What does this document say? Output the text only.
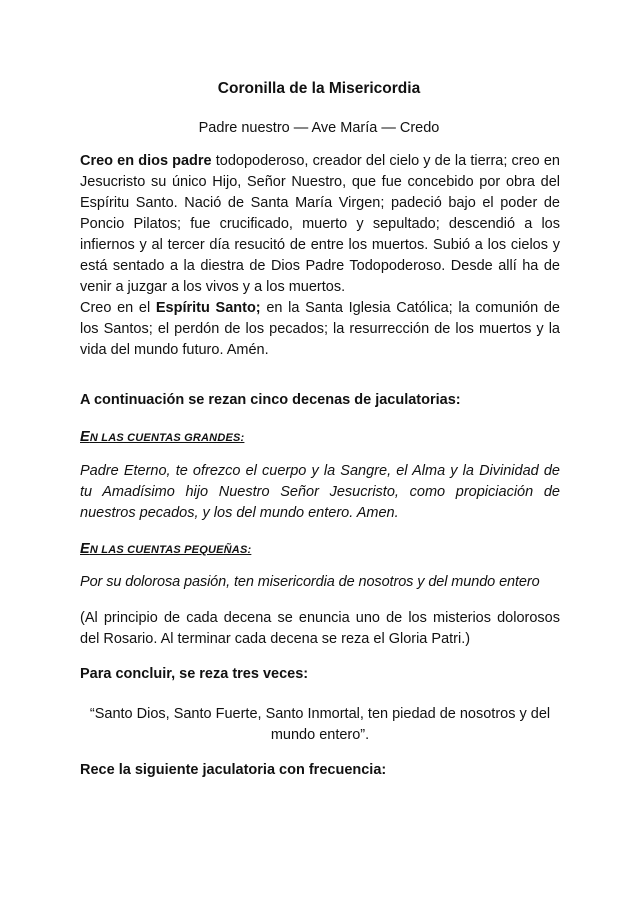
Coronilla de la Misericordia
Padre nuestro — Ave María — Credo
Creo en dios padre todopoderoso, creador del cielo y de la tierra; creo en Jesucristo su único Hijo, Señor Nuestro, que fue concebido por obra del Espíritu Santo. Nació de Santa María Virgen; padeció bajo el poder de Poncio Pilatos; fue crucificado, muerto y sepultado; descendió a los infiernos y al tercer día resucitó de entre los muertos. Subió a los cielos y está sentado a la diestra de Dios Padre Todopoderoso. Desde allí ha de venir a juzgar a los vivos y a los muertos.
Creo en el Espíritu Santo; en la Santa Iglesia Católica; la comunión de los Santos; el perdón de los pecados; la resurrección de los muertos y la vida del mundo futuro. Amén.
A continuación se rezan cinco decenas de jaculatorias:
EN LAS CUENTAS GRANDES:
Padre Eterno, te ofrezco el cuerpo y la Sangre, el Alma y la Divinidad de tu Amadísimo hijo Nuestro Señor Jesucristo, como propiciación de nuestros pecados, y los del mundo entero. Amen.
EN LAS CUENTAS PEQUEÑAS:
Por su dolorosa pasión, ten misericordia de nosotros y del mundo entero
(Al principio de cada decena se enuncia uno de los misterios dolorosos del Rosario. Al terminar cada decena se reza el Gloria Patri.)
Para concluir, se reza tres veces:
“Santo Dios, Santo Fuerte, Santo Inmortal, ten piedad de nosotros y del mundo entero”.
Rece la siguiente jaculatoria con frecuencia:
